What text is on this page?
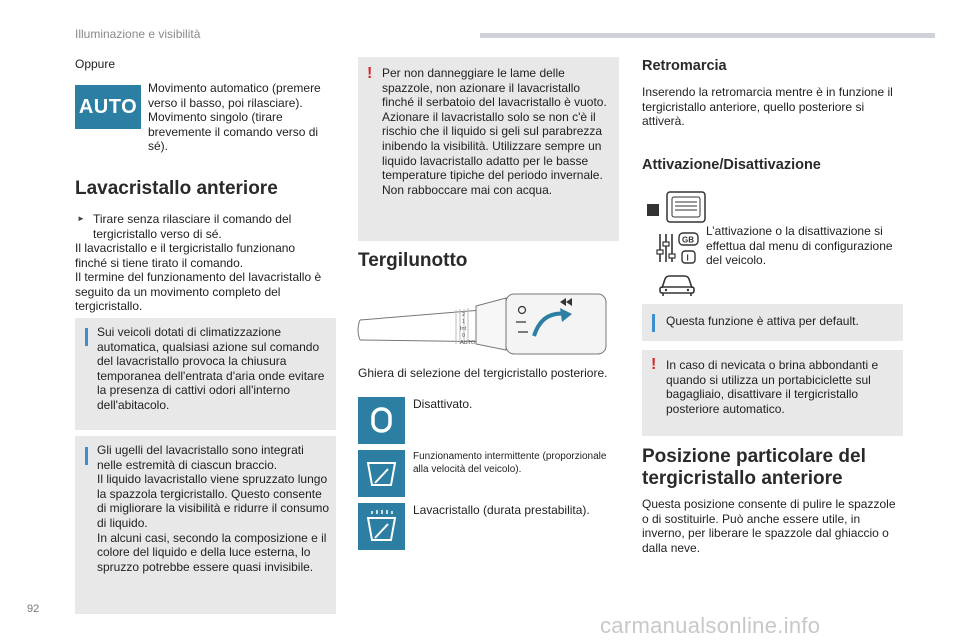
Illuminazione e visibilità
Oppure
AUTO
Movimento automatico (premere verso il basso, poi rilasciare). Movimento singolo (tirare brevemente il comando verso di sé).
Lavacristallo anteriore
► Tirare senza rilasciare il comando del tergicristallo verso di sé.
Il lavacristallo e il tergicristallo funzionano finché si tiene tirato il comando.
Il termine del funzionamento del lavacristallo è seguito da un movimento completo del tergicristallo.
Sui veicoli dotati di climatizzazione automatica, qualsiasi azione sul comando del lavacristallo provoca la chiusura temporanea dell'entrata d'aria onde evitare la presenza di cattivi odori all'interno dell'abitacolo.
Gli ugelli del lavacristallo sono integrati nelle estremità di ciascun braccio.
Il liquido lavacristallo viene spruzzato lungo la spazzola tergicristallo. Questo consente di migliorare la visibilità e ridurre il consumo di liquido.
In alcuni casi, secondo la composizione e il colore del liquido e della luce esterna, lo spruzzo potrebbe essere quasi invisibile.
! Per non danneggiare le lame delle spazzole, non azionare il lavacristallo finché il serbatoio del lavacristallo è vuoto. Azionare il lavacristallo solo se non c'è il rischio che il liquido si geli sul parabrezza inibendo la visibilità. Utilizzare sempre un liquido lavacristallo adatto per le basse temperature tipiche del periodo invernale. Non rabboccare mai con acqua.
Tergilunotto
2
1
Int
0
AUTO
Ghiera di selezione del tergicristallo posteriore.
Disattivato.
Funzionamento intermittente (proporzionale alla velocità del veicolo).
Lavacristallo (durata prestabilita).
Retromarcia
Inserendo la retromarcia mentre è in funzione il tergicristallo anteriore, quello posteriore si attiverà.
Attivazione/Disattivazione
GB
I
L’attivazione o la disattivazione si effettua dal menu di configurazione del veicolo.
Questa funzione è attiva per default.
! In caso di nevicata o brina abbondanti e quando si utilizza un portabiciclette sul bagagliaio, disattivare il tergicristallo posteriore automatico.
Posizione particolare del
tergicristallo anteriore
Questa posizione consente di pulire le spazzole o di sostituirle. Può anche essere utile, in inverno, per liberare le spazzole dal ghiaccio o dalla neve.
92
carmanualsonline.info
